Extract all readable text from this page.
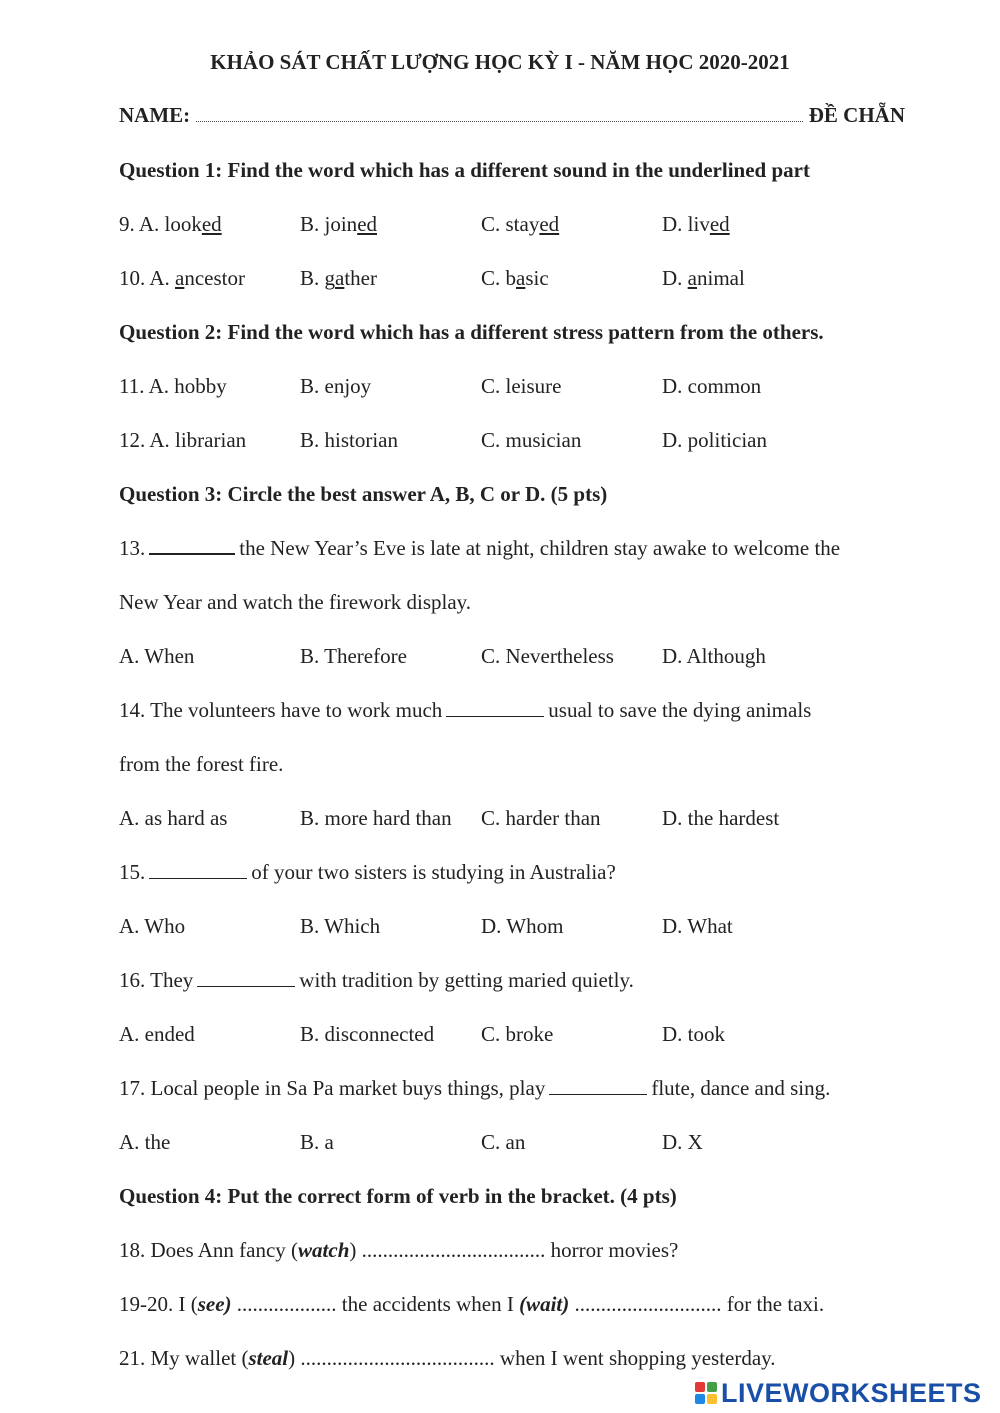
KHẢO SÁT CHẤT LƯỢNG HỌC KỲ I - NĂM HỌC 2020-2021
NAME:	ĐỀ CHẴN
Question 1: Find the word which has a different sound in the underlined part
9. A. looked	B. joined	C. stayed	D. lived
10. A. ancestor	B. gather	C. basic	D. animal
Question 2: Find the word which has a different stress pattern from the others.
11. A. hobby	B. enjoy	C. leisure	D. common
12. A. librarian	B. historian	C. musician	D. politician
Question 3: Circle the best answer A, B, C or D. (5 pts)
13.	the New Year’s Eve is late at night, children stay awake to welcome the
New Year and watch the firework display.
A. When	B. Therefore	C. Nevertheless D. Although
14. The volunteers have to work much	usual to save the dying animals
from the forest fire.
A. as hard as	B. more hard than C. harder than	D. the hardest
15.	of your two sisters is studying in Australia?
A. Who	B. Which	D. Whom	D. What
16. They	with tradition by getting maried quietly.
A. ended	B. disconnected C. broke	D. took
17. Local people in Sa Pa market buys things, play	flute, dance and sing.
A. the	B. a	C. an	D. X
Question 4: Put the correct form of verb in the bracket. (4 pts)
18. Does Ann fancy (watch) ................................... horror movies?
19-20. I (see) ................... the accidents when I (wait) ............................ for the taxi.
21. My wallet (steal) ..................................... when I went shopping yesterday.
LIVEWORKSHEETS
